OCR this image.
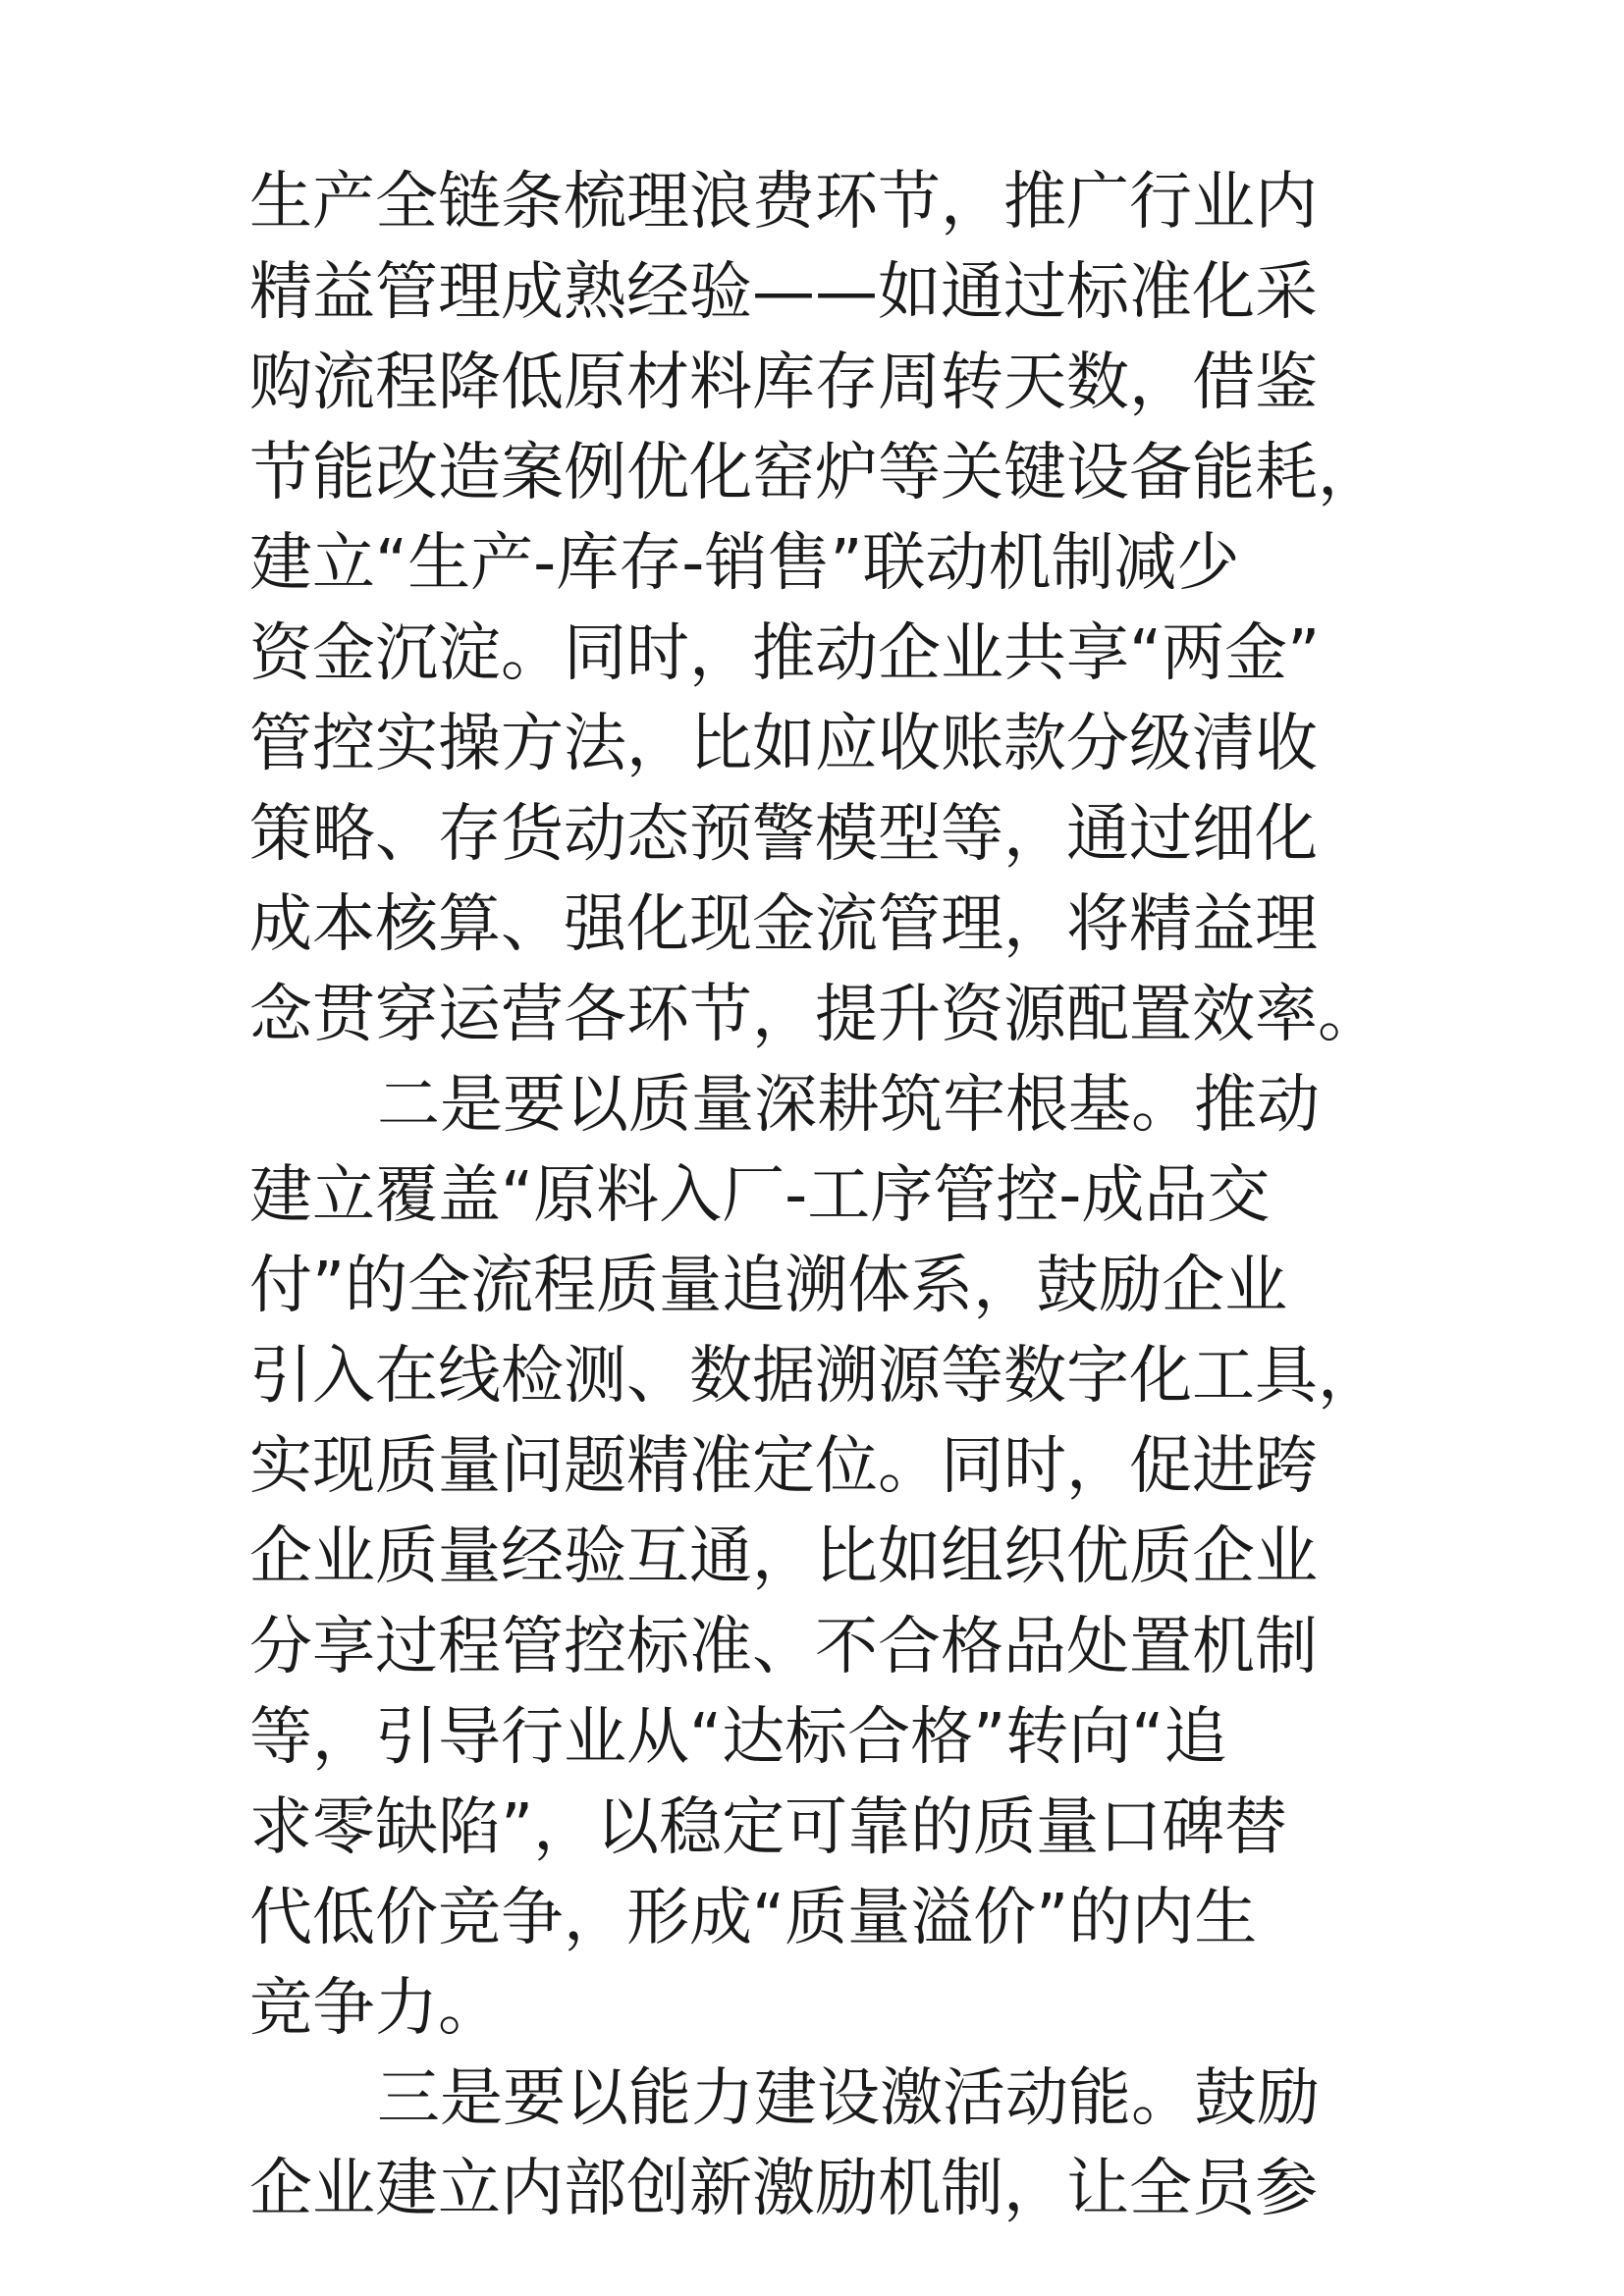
生产全链条梳理浪费环节，推广行业内
精益管理成熟经验——如通过标准化采
购流程降低原材料库存周转天数，借鉴
节能改造案例优化窑炉等关键设备能耗，
建立“生产-库存-销售”联动机制减少
资金沉淀。同时，推动企业共享“两金”
管控实操方法，比如应收账款分级清收
策略、存货动态预警模型等，通过细化
成本核算、强化现金流管理，将精益理
念贯穿运营各环节，提升资源配置效率。
二是要以质量深耕筑牢根基。推动
建立覆盖“原料入厂-工序管控-成品交
付”的全流程质量追溯体系，鼓励企业
引入在线检测、数据溯源等数字化工具，
实现质量问题精准定位。同时，促进跨
企业质量经验互通，比如组织优质企业
分享过程管控标准、不合格品处置机制
等，引导行业从“达标合格”转向“追
求零缺陷”，以稳定可靠的质量口碑替
代低价竞争，形成“质量溢价”的内生
竞争力。
三是要以能力建设激活动能。鼓励
企业建立内部创新激励机制，让全员参
